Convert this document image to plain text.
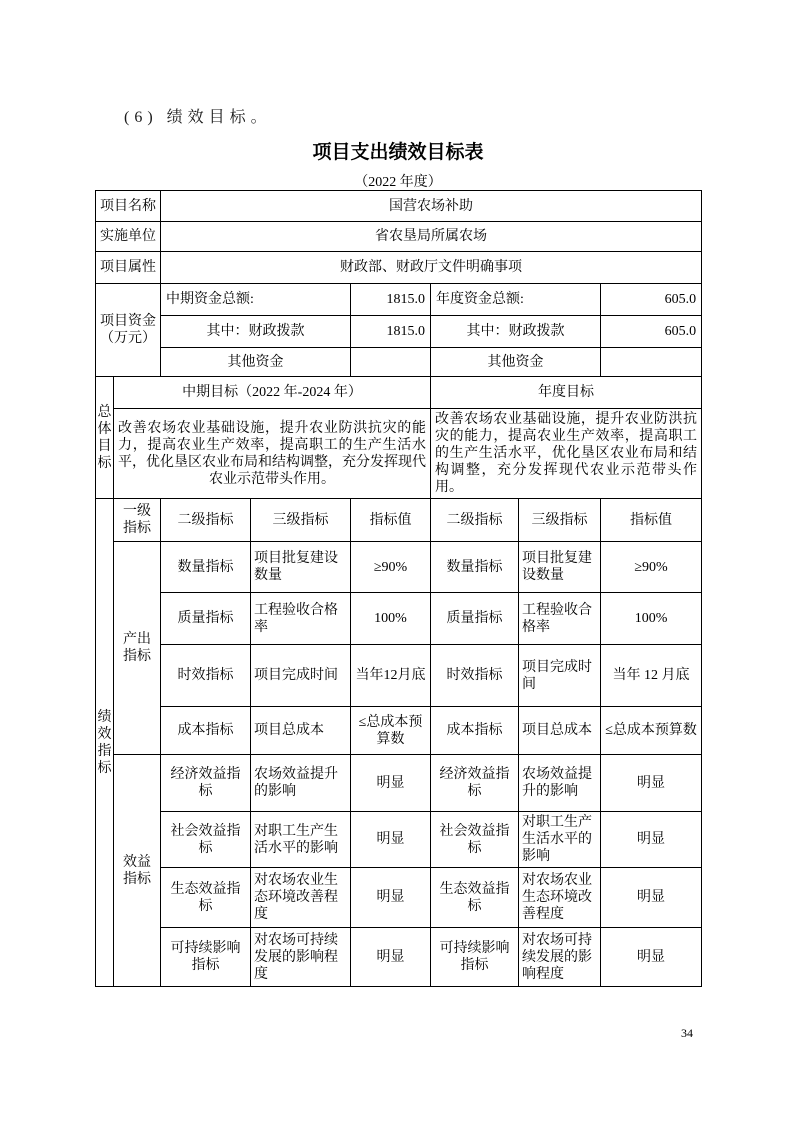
(6) 绩效目标。
项目支出绩效目标表
（2022 年度）
项目名称		国营农场补助					
实施单位		省农垦局所属农场					
项目属性		财政部、财政厅文件明确事项					
项目资金（万元）		中期资金总额:		1815.0	年度资金总额:		605.0
		其中：财政拨款		1815.0	其中：财政拨款		605.0
		其他资金			其他资金		
总体目标	中期目标（2022 年-2024 年）				年度目标		
	改善农场农业基础设施，提升农业防洪抗灾的能力，提高农业生产效率，提高职工的生产生活水平，优化垦区农业布局和结构调整，充分发挥现代农业示范带头作用。				改善农场农业基础设施，提升农业防洪抗灾的能力，提高农业生产效率，提高职工的生产生活水平，优化垦区农业布局和结构调整，充分发挥现代农业示范带头作用。		
绩效指标	一级指标	二级指标	三级指标	指标值	二级指标	三级指标	指标值
	产出指标	数量指标	项目批复建设数量	≥90%	数量指标	项目批复建设数量	≥90%
		质量指标	工程验收合格率	100%	质量指标	工程验收合格率	100%
		时效指标	项目完成时间	当年12月底	时效指标	项目完成时间	当年 12 月底
		成本指标	项目总成本	≤总成本预算数	成本指标	项目总成本	≤总成本预算数
	效益指标	经济效益指标	农场效益提升的影响	明显	经济效益指标	农场效益提升的影响	明显
		社会效益指标	对职工生产生活水平的影响	明显	社会效益指标	对职工生产生活水平的影响	明显
		生态效益指标	对农场农业生态环境改善程度	明显	生态效益指标	对农场农业生态环境改善程度	明显
		可持续影响指标	对农场可持续发展的影响程度	明显	可持续影响指标	对农场可持续发展的影响程度	明显
34
